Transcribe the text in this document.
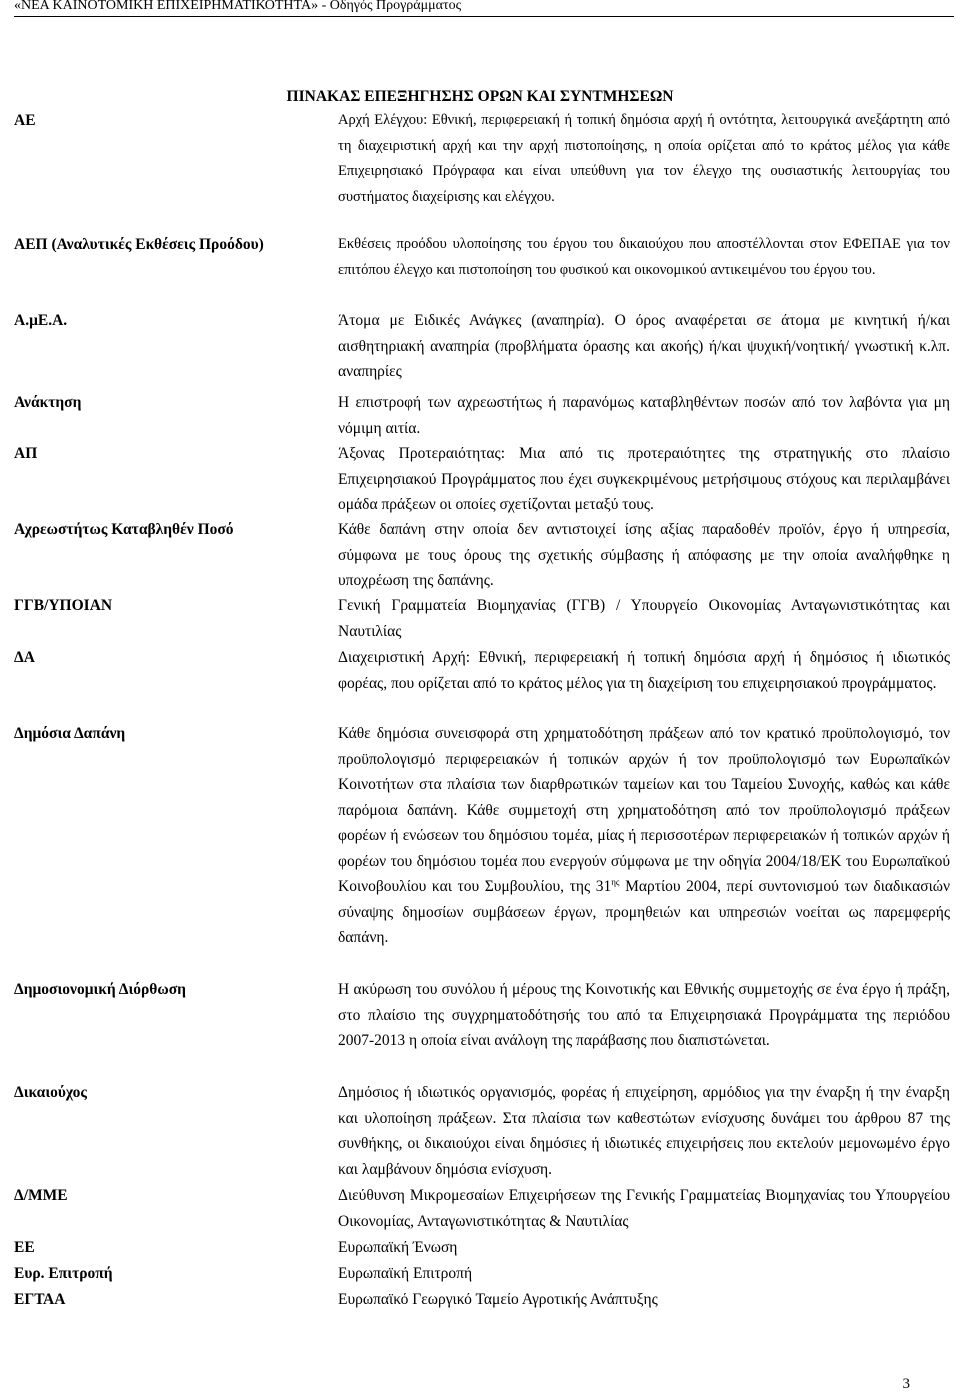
«ΝΕΑ ΚΑΙΝΟΤΟΜΙΚΗ ΕΠΙΧΕΙΡΗΜΑΤΙΚΟΤΗΤΑ» - Οδηγός Προγράμματος
ΠΙΝΑΚΑΣ ΕΠΕΞΗΓΗΣΗΣ ΟΡΩΝ ΚΑΙ ΣΥΝΤΜΗΣΕΩΝ
ΑΕ	Αρχή Ελέγχου: Εθνική, περιφερειακή ή τοπική δημόσια αρχή ή οντότητα, λειτουργικά ανεξάρτητη από τη διαχειριστική αρχή και την αρχή πιστοποίησης, η οποία ορίζεται από το κράτος μέλος για κάθε Επιχειρησιακό Πρόγραφα και είναι υπεύθυνη για τον έλεγχο της ουσιαστικής λειτουργίας του συστήματος διαχείρισης και ελέγχου.
ΑΕΠ (Αναλυτικές Εκθέσεις Προόδου)	Εκθέσεις προόδου υλοποίησης του έργου του δικαιούχου που αποστέλλονται στον ΕΦΕΠΑΕ για τον επιτόπου έλεγχο και πιστοποίηση του φυσικού και οικονομικού αντικειμένου του έργου του.
Α.μΕ.Α.	Άτομα με Ειδικές Ανάγκες (αναπηρία). Ο όρος αναφέρεται σε άτομα με κινητική ή/και αισθητηριακή αναπηρία (προβλήματα όρασης και ακοής) ή/και ψυχική/νοητική/ γνωστική κ.λπ. αναπηρίες
Ανάκτηση	Η επιστροφή των αχρεωστήτως ή παρανόμως καταβληθέντων ποσών από τον λαβόντα για μη νόμιμη αιτία.
ΑΠ	Άξονας Προτεραιότητας: Μια από τις προτεραιότητες της στρατηγικής στο πλαίσιο Επιχειρησιακού Προγράμματος που έχει συγκεκριμένους μετρήσιμους στόχους και περιλαμβάνει ομάδα πράξεων οι οποίες σχετίζονται μεταξύ τους.
Αχρεωστήτως Καταβληθέν Ποσό	Κάθε δαπάνη στην οποία δεν αντιστοιχεί ίσης αξίας παραδοθέν προϊόν, έργο ή υπηρεσία, σύμφωνα με τους όρους της σχετικής σύμβασης ή απόφασης με την οποία αναλήφθηκε η υποχρέωση της δαπάνης.
ΓΓΒ/ΥΠΟΙΑΝ	Γενική Γραμματεία Βιομηχανίας (ΓΓΒ) / Υπουργείο Οικονομίας Ανταγωνιστικότητας και Ναυτιλίας
ΔΑ	Διαχειριστική Αρχή: Εθνική, περιφερειακή ή τοπική δημόσια αρχή ή δημόσιος ή ιδιωτικός φορέας, που ορίζεται από το κράτος μέλος για τη διαχείριση του επιχειρησιακού προγράμματος.
Δημόσια Δαπάνη	Κάθε δημόσια συνεισφορά στη χρηματοδότηση πράξεων από τον κρατικό προϋπολογισμό, τον προϋπολογισμό περιφερειακών ή τοπικών αρχών ή τον προϋπολογισμό των Ευρωπαϊκών Κοινοτήτων στα πλαίσια των διαρθρωτικών ταμείων και του Ταμείου Συνοχής, καθώς και κάθε παρόμοια δαπάνη. Κάθε συμμετοχή στη χρηματοδότηση από τον προϋπολογισμό πράξεων φορέων ή ενώσεων του δημόσιου τομέα, μίας ή περισσοτέρων περιφερειακών ή τοπικών αρχών ή φορέων του δημόσιου τομέα που ενεργούν σύμφωνα με την οδηγία 2004/18/ΕΚ του Ευρωπαϊκού Κοινοβουλίου και του Συμβουλίου, της $31^{\eta\varsigma}$ Μαρτίου 2004, περί συντονισμού των διαδικασιών σύναψης δημοσίων συμβάσεων έργων, προμηθειών και υπηρεσιών νοείται ως παρεμφερής δαπάνη.
Δημοσιονομική Διόρθωση	Η ακύρωση του συνόλου ή μέρους της Κοινοτικής και Εθνικής συμμετοχής σε ένα έργο ή πράξη, στο πλαίσιο της συγχρηματοδότησής του από τα Επιχειρησιακά Προγράμματα της περιόδου 2007-2013 η οποία είναι ανάλογη της παράβασης που διαπιστώνεται.
Δικαιούχος	Δημόσιος ή ιδιωτικός οργανισμός, φορέας ή επιχείρηση, αρμόδιος για την έναρξη ή την έναρξη και υλοποίηση πράξεων. Στα πλαίσια των καθεστώτων ενίσχυσης δυνάμει του άρθρου 87 της συνθήκης, οι δικαιούχοι είναι δημόσιες ή ιδιωτικές επιχειρήσεις που εκτελούν μεμονωμένο έργο και λαμβάνουν δημόσια ενίσχυση.
Δ/ΜΜΕ	Διεύθυνση Μικρομεσαίων Επιχειρήσεων της Γενικής Γραμματείας Βιομηχανίας του Υπουργείου Οικονομίας, Ανταγωνιστικότητας & Ναυτιλίας
ΕΕ	Ευρωπαϊκή Ένωση
Ευρ. Επιτροπή	Ευρωπαϊκή Επιτροπή
ΕΓΤΑΑ	Ευρωπαϊκό Γεωργικό Ταμείο Αγροτικής Ανάπτυξης
3
